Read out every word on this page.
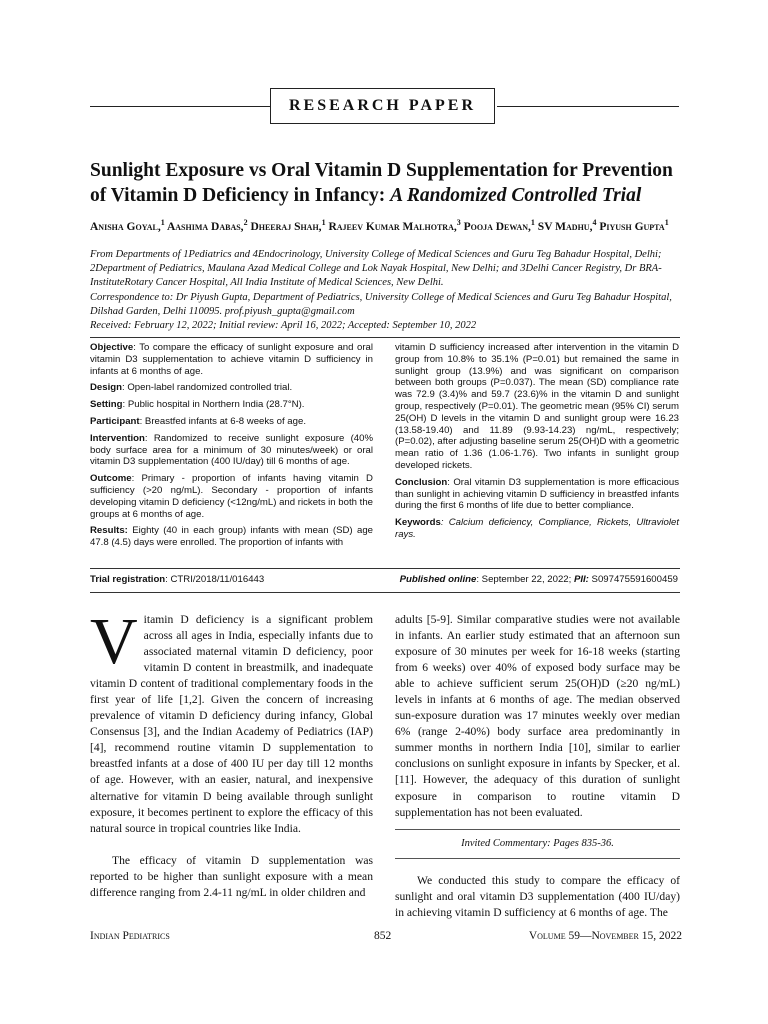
RESEARCH PAPER
Sunlight Exposure vs Oral Vitamin D Supplementation for Prevention of Vitamin D Deficiency in Infancy: A Randomized Controlled Trial
Anisha Goyal,$^1$ Aashima Dabas,$^2$ Dheeraj Shah,$^1$ Rajeev Kumar Malhotra,$^3$ Pooja Dewan,$^1$ SV Madhu,$^4$ Piyush Gupta$^1$

From Departments of 1Pediatrics and 4Endocrinology, University College of Medical Sciences and Guru Teg Bahadur Hospital, Delhi; 2Department of Pediatrics, Maulana Azad Medical College and Lok Nayak Hospital, New Delhi; and 3Delhi Cancer Registry, Dr BRA-InstituteRotary Cancer Hospital, All India Institute of Medical Sciences, New Delhi.

Correspondence to: Dr Piyush Gupta, Department of Pediatrics, University College of Medical Sciences and Guru Teg Bahadur Hospital, Dilshad Garden, Delhi 110095. prof.piyush_gupta@gmail.com

Received: February 12, 2022; Initial review: April 16, 2022; Accepted: September 10, 2022

Objective: To compare the efficacy of sunlight exposure and oral vitamin D3 supplementation to achieve vitamin D sufficiency in infants at 6 months of age.

Design: Open-label randomized controlled trial.

Setting: Public hospital in Northern India (28.7°N).

Participant: Breastfed infants at 6-8 weeks of age.

Intervention: Randomized to receive sunlight exposure (40% body surface area for a minimum of 30 minutes/week) or oral vitamin D3 supplementation (400 IU/day) till 6 months of age.

Outcome: Primary - proportion of infants having vitamin D sufficiency (>20 ng/mL). Secondary - proportion of infants developing vitamin D deficiency (<12ng/mL) and rickets in both the groups at 6 months of age.

Results: Eighty (40 in each group) infants with mean (SD) age 47.8 (4.5) days were enrolled. The proportion of infants with

vitamin D sufficiency increased after intervention in the vitamin D group from 10.8% to 35.1% (P=0.01) but remained the same in sunlight group (13.9%) and was significant on comparison between both groups (P=0.037). The mean (SD) compliance rate was 72.9 (3.4)% and 59.7 (23.6)% in the vitamin D and sunlight group, respectively (P=0.01). The geometric mean (95% CI) serum 25(OH) D levels in the vitamin D and sunlight group were 16.23 (13.58-19.40) and 11.89 (9.93-14.23) ng/mL, respectively; (P=0.02), after adjusting baseline serum 25(OH)D with a geometric mean ratio of 1.36 (1.06-1.76). Two infants in sunlight group developed rickets.

Conclusion: Oral vitamin D3 supplementation is more efficacious than sunlight in achieving vitamin D sufficiency in breastfed infants during the first 6 months of life due to better compliance.

Keywords: Calcium deficiency, Compliance, Rickets, Ultraviolet rays.

Trial registration: CTRI/2018/11/016443	Published online: September 22, 2022; PII: S097475591600459

Vitamin D deficiency is a significant problem across all ages in India, especially infants due to associated maternal vitamin D deficiency, poor vitamin D content in breastmilk, and inadequate vitamin D content of traditional complementary foods in the first year of life [1,2]. Given the concern of increasing prevalence of vitamin D deficiency during infancy, Global Consensus [3], and the Indian Academy of Pediatrics (IAP)[4], recommend routine vitamin D supplementation to breastfed infants at a dose of 400 IU per day till 12 months of age. However, with an easier, natural, and inexpensive alternative for vitamin D being available through sunlight exposure, it becomes pertinent to explore the efficacy of this natural source in tropical countries like India.

The efficacy of vitamin D supplementation was reported to be higher than sunlight exposure with a mean difference ranging from 2.4-11 ng/mL in older children and

adults [5-9]. Similar comparative studies were not available in infants. An earlier study estimated that an afternoon sun exposure of 30 minutes per week for 16-18 weeks (starting from 6 weeks) over 40% of exposed body surface may be able to achieve sufficient serum 25(OH)D (≥20 ng/mL) levels in infants at 6 months of age. The median observed sun-exposure duration was 17 minutes weekly over median 6% (range 2-40%) body surface area predominantly in summer months in northern India [10], similar to earlier conclusions on sunlight exposure in infants by Specker, et al. [11]. However, the adequacy of this duration of sunlight exposure in comparison to routine vitamin D supplementation has not been evaluated.

Invited Commentary: Pages 835-36.

We conducted this study to compare the efficacy of sunlight and oral vitamin D3 supplementation (400 IU/day) in achieving vitamin D sufficiency at 6 months of age. The

Indian Pediatrics	852	Volume 59—November 15, 2022
